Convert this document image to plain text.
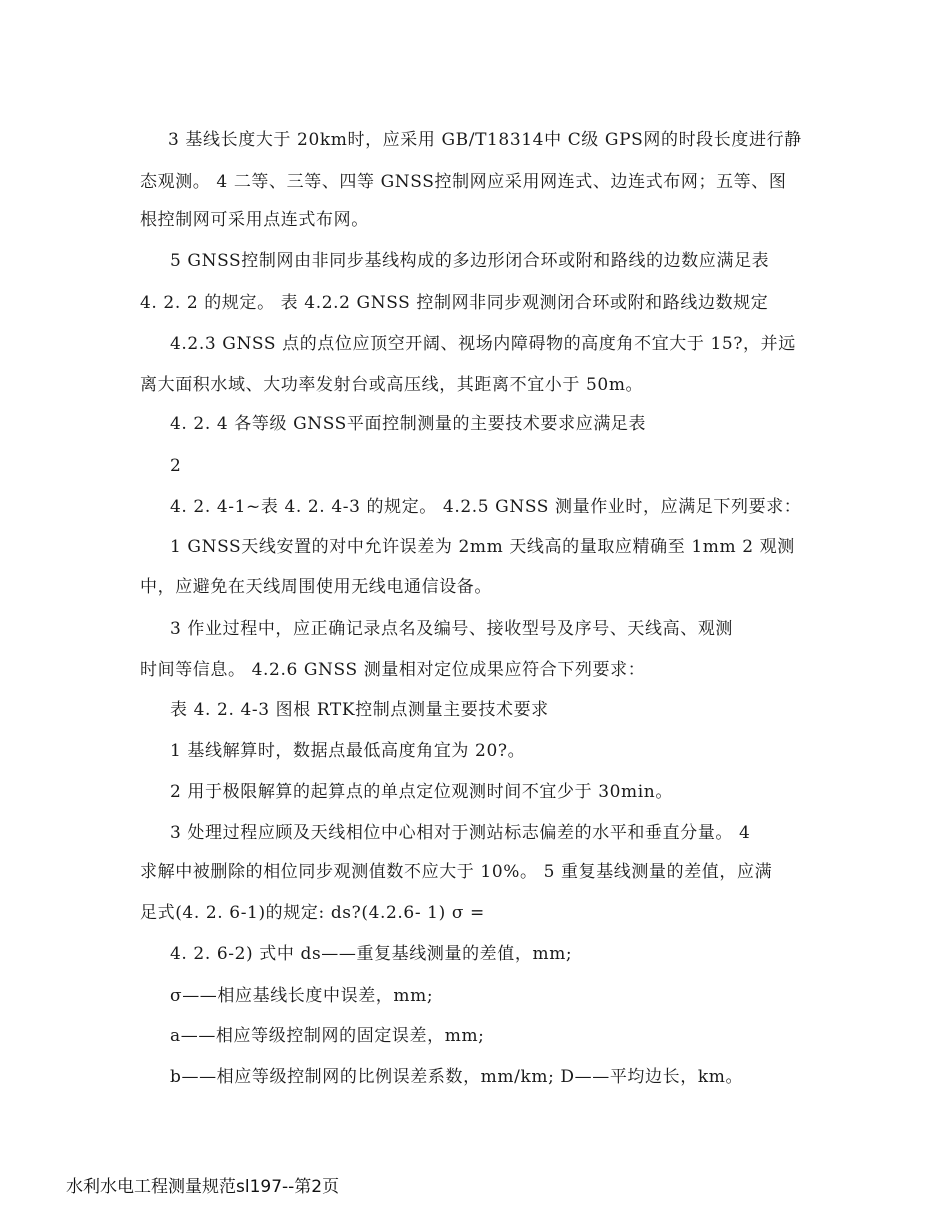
3 基线长度大于 20km时，应采用 GB/T18314中 C级 GPS网的时段长度进行静
态观测。 4 二等、三等、四等 GNSS控制网应采用网连式、边连式布网；五等、图
根控制网可采用点连式布网。
5 GNSS控制网由非同步基线构成的多边形闭合环或附和路线的边数应满足表
4. 2. 2 的规定。 表 4.2.2 GNSS 控制网非同步观测闭合环或附和路线边数规定
4.2.3 GNSS 点的点位应顶空开阔、视场内障碍物的高度角不宜大于 15?，并远
离大面积水域、大功率发射台或高压线，其距离不宜小于 50m。
4. 2. 4 各等级 GNSS平面控制测量的主要技术要求应满足表
2
4. 2. 4-1~表 4. 2. 4-3 的规定。 4.2.5 GNSS 测量作业时，应满足下列要求：
1 GNSS天线安置的对中允许误差为 2mm 天线高的量取应精确至 1mm 2 观测
中，应避免在天线周围使用无线电通信设备。
3 作业过程中，应正确记录点名及编号、接收型号及序号、天线高、观测
时间等信息。 4.2.6 GNSS 测量相对定位成果应符合下列要求：
表 4. 2. 4-3 图根 RTK控制点测量主要技术要求
1 基线解算时，数据点最低高度角宜为 20?。
2 用于极限解算的起算点的单点定位观测时间不宜少于 30min。
3 处理过程应顾及天线相位中心相对于测站标志偏差的水平和垂直分量。 4
求解中被删除的相位同步观测值数不应大于 10%。 5 重复基线测量的差值，应满
足式(4. 2. 6-1)的规定: ds?(4.2.6- 1) σ =
4. 2. 6-2) 式中 ds——重复基线测量的差值，mm;
σ——相应基线长度中误差，mm;
a——相应等级控制网的固定误差，mm;
b——相应等级控制网的比例误差系数，mm/km; D——平均边长，km。
水利水电工程测量规范sl197--第2页
